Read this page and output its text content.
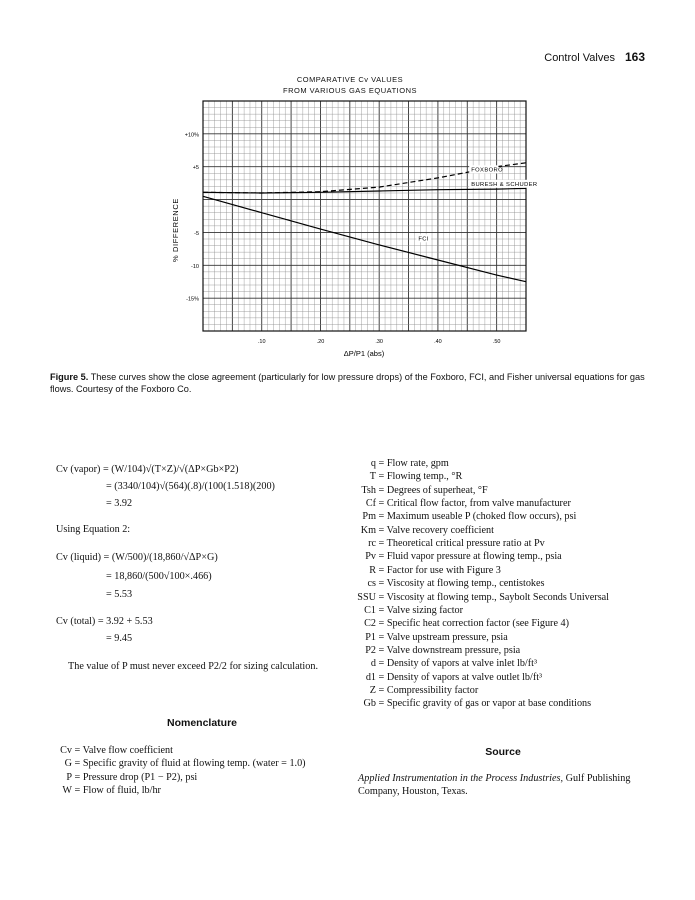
Control Valves 163
COMPARATIVE Cv VALUES
FROM VARIOUS GAS EQUATIONS
+10%
+5
-5
-10
-15%
.10	.20	.30	.40	.50
FOXBORO
BURESH & SCHUDER
FCI
% DIFFERENCE
ΔP/P1 (abs)
Figure 5. These curves show the close agreement (particularly for low pressure drops) of the Foxboro, FCI, and Fisher universal equations for gas flows. Courtesy of the Foxboro Co.
Cv (vapor) = (W/104)√(T×Z)/√(ΔP×Gb×P2)
= (3340/104)√(564)(.8)/(100(1.518)(200)
= 3.92
Using Equation 2:
Cv (liquid) = (W/500)/(18,860/√ΔP×G)
= 18,860/(500√100×.466)
= 5.53
Cv (total) = 3.92 + 5.53
= 9.45
The value of P must never exceed P2/2 for sizing calculation.
Nomenclature
Cv = Valve flow coefficient
G = Specific gravity of fluid at flowing temp. (water = 1.0)
P = Pressure drop (P1 − P2), psi
W = Flow of fluid, lb/hr
q = Flow rate, gpm
T = Flowing temp., °R
Tsh = Degrees of superheat, °F
Cf = Critical flow factor, from valve manufacturer
Pm = Maximum useable P (choked flow occurs), psi
Km = Valve recovery coefficient
rc = Theoretical critical pressure ratio at Pv
Pv = Fluid vapor pressure at flowing temp., psia
R = Factor for use with Figure 3
cs = Viscosity at flowing temp., centistokes
SSU = Viscosity at flowing temp., Saybolt Seconds Universal
C1 = Valve sizing factor
C2 = Specific heat correction factor (see Figure 4)
P1 = Valve upstream pressure, psia
P2 = Valve downstream pressure, psia
d = Density of vapors at valve inlet lb/ft³
d1 = Density of vapors at valve outlet lb/ft³
Z = Compressibility factor
Gb = Specific gravity of gas or vapor at base conditions
Source
Applied Instrumentation in the Process Industries, Gulf Publishing Company, Houston, Texas.
